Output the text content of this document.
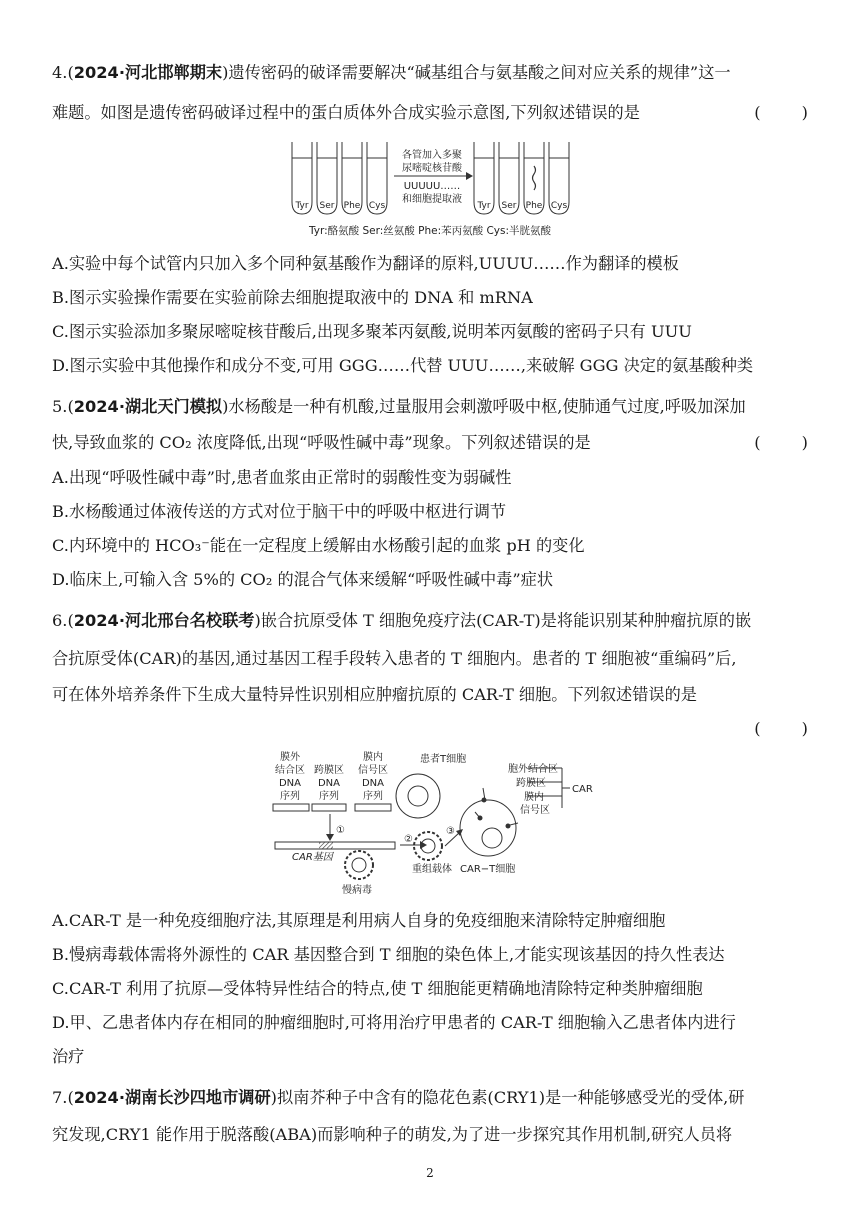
4.(2024·河北邯郸期末)遗传密码的破译需要解决“碱基组合与氨基酸之间对应关系的规律”这一
难题。如图是遗传密码破译过程中的蛋白质体外合成实验示意图,下列叙述错误的是	(        )
Tyr Ser Phe Cys	Tyr Ser Phe Cys
各管加入多聚
尿嘧啶核苷酸
UUUUU……
和细胞提取液
Tyr:酪氨酸 Ser:丝氨酸 Phe:苯丙氨酸 Cys:半胱氨酸
A.实验中每个试管内只加入多个同种氨基酸作为翻译的原料,UUUU……作为翻译的模板
B.图示实验操作需要在实验前除去细胞提取液中的 DNA 和 mRNA
C.图示实验添加多聚尿嘧啶核苷酸后,出现多聚苯丙氨酸,说明苯丙氨酸的密码子只有 UUU
D.图示实验中其他操作和成分不变,可用 GGG……代替 UUU……,来破解 GGG 决定的氨基酸种类
5.(2024·湖北天门模拟)水杨酸是一种有机酸,过量服用会刺激呼吸中枢,使肺通气过度,呼吸加深加
快,导致血浆的 CO₂ 浓度降低,出现“呼吸性碱中毒”现象。下列叙述错误的是	(        )
A.出现“呼吸性碱中毒”时,患者血浆由正常时的弱酸性变为弱碱性
B.水杨酸通过体液传送的方式对位于脑干中的呼吸中枢进行调节
C.内环境中的 HCO₃⁻能在一定程度上缓解由水杨酸引起的血浆 pH 的变化
D.临床上,可输入含 5%的 CO₂ 的混合气体来缓解“呼吸性碱中毒”症状
6.(2024·河北邢台名校联考)嵌合抗原受体 T 细胞免疫疗法(CAR-T)是将能识别某种肿瘤抗原的嵌
合抗原受体(CAR)的基因,通过基因工程手段转入患者的 T 细胞内。患者的 T 细胞被“重编码”后,
可在体外培养条件下生成大量特异性识别相应肿瘤抗原的 CAR-T 细胞。下列叙述错误的是
(        )
膜外
结合区
DNA
序列
跨膜区
DNA
序列
膜内
信号区
DNA
序列
①
②
③
患者T细胞
CAR基因
慢病毒
重组载体 CAR−T细胞
胞外结合区
跨膜区
膜内
信号区
CAR
A.CAR-T 是一种免疫细胞疗法,其原理是利用病人自身的免疫细胞来清除特定肿瘤细胞
B.慢病毒载体需将外源性的 CAR 基因整合到 T 细胞的染色体上,才能实现该基因的持久性表达
C.CAR-T 利用了抗原—受体特异性结合的特点,使 T 细胞能更精确地清除特定种类肿瘤细胞
D.甲、乙患者体内存在相同的肿瘤细胞时,可将用治疗甲患者的 CAR-T 细胞输入乙患者体内进行
治疗
7.(2024·湖南长沙四地市调研)拟南芥种子中含有的隐花色素(CRY1)是一种能够感受光的受体,研
究发现,CRY1 能作用于脱落酸(ABA)而影响种子的萌发,为了进一步探究其作用机制,研究人员将
2
